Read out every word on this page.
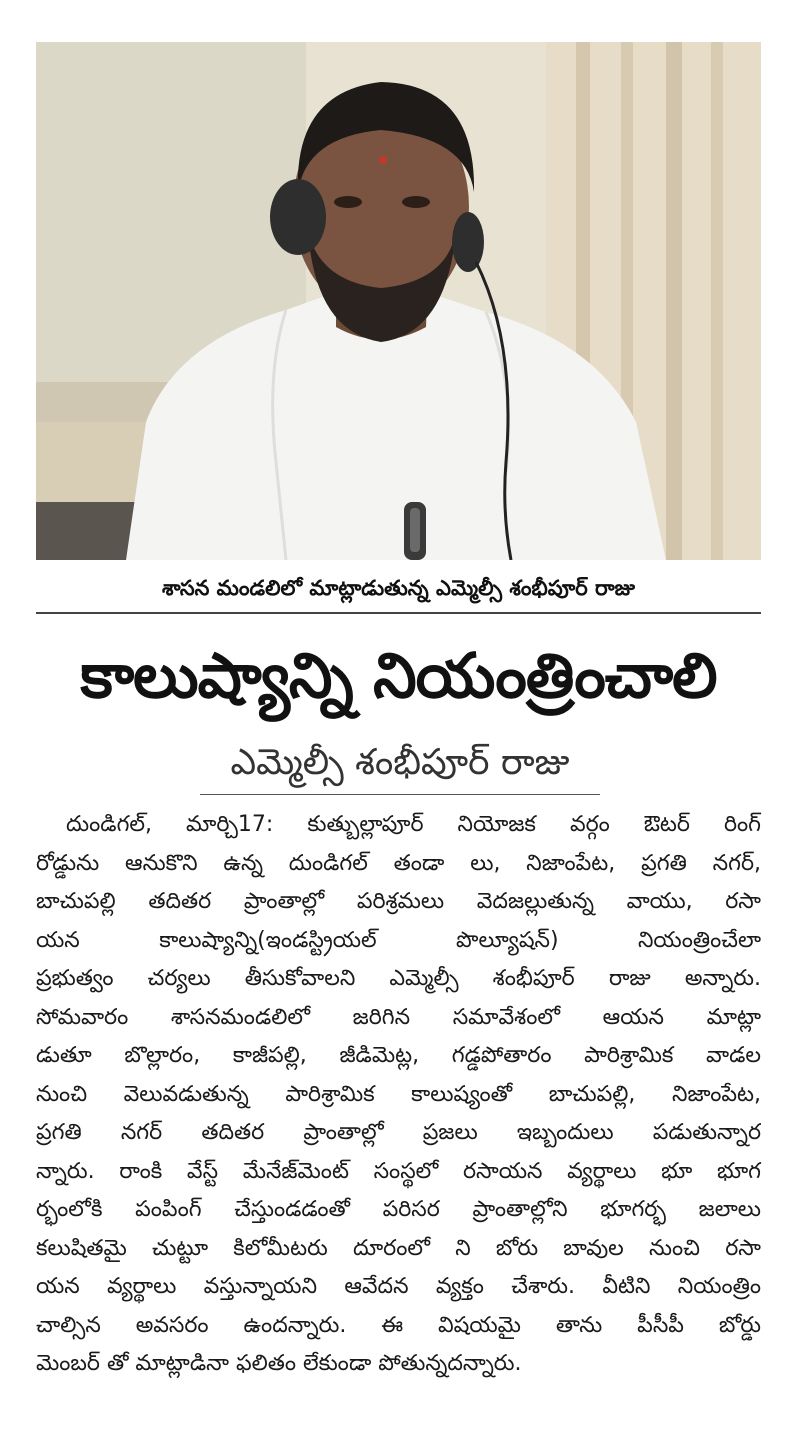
శాసన మండలిలో మాట్లాడుతున్న ఎమ్మెల్సీ శంభీపూర్ రాజు
కాలుష్యాన్ని నియంత్రించాలి
ఎమ్మెల్సీ శంభీపూర్ రాజు
దుండిగల్, మార్చి17: కుత్బుల్లాపూర్ నియోజక వర్గం ఔటర్ రింగ్
రోడ్డును ఆనుకొని ఉన్న దుండిగల్ తండా లు, నిజాంపేట, ప్రగతి నగర్,
బాచుపల్లి తదితర ప్రాంతాల్లో పరిశ్రమలు వెదజల్లుతున్న వాయు, రసా
యన కాలుష్యాన్ని(ఇండస్ట్రియల్ పొల్యూషన్) నియంత్రించేలా
ప్రభుత్వం చర్యలు తీసుకోవాలని ఎమ్మెల్సీ శంభీపూర్ రాజు అన్నారు.
సోమవారం శాసనమండలిలో జరిగిన సమావేశంలో ఆయన మాట్లా
డుతూ బొల్లారం, కాజీపల్లి, జీడిమెట్ల, గడ్డపోతారం పారిశ్రామిక వాడల
నుంచి వెలువడుతున్న పారిశ్రామిక కాలుష్యంతో బాచుపల్లి, నిజాంపేట,
ప్రగతి నగర్ తదితర ప్రాంతాల్లో ప్రజలు ఇబ్బందులు పడుతున్నార
న్నారు. రాంకి వేస్ట్ మేనేజ్‌మెంట్ సంస్థలో రసాయన వ్యర్థాలు భూ భూగ
ర్భంలోకి పంపింగ్ చేస్తుండడంతో పరిసర ప్రాంతాల్లోని భూగర్భ జలాలు
కలుషితమై చుట్టూ కిలోమీటరు దూరంలో ని బోరు బావుల నుంచి రసా
యన వ్యర్థాలు వస్తున్నాయని ఆవేదన వ్యక్తం చేశారు. వీటిని నియంత్రిం
చాల్సిన అవసరం ఉందన్నారు. ఈ విషయమై తాను పీసీపీ బోర్డు
మెంబర్ తో మాట్లాడినా ఫలితం లేకుండా పోతున్నదన్నారు.
